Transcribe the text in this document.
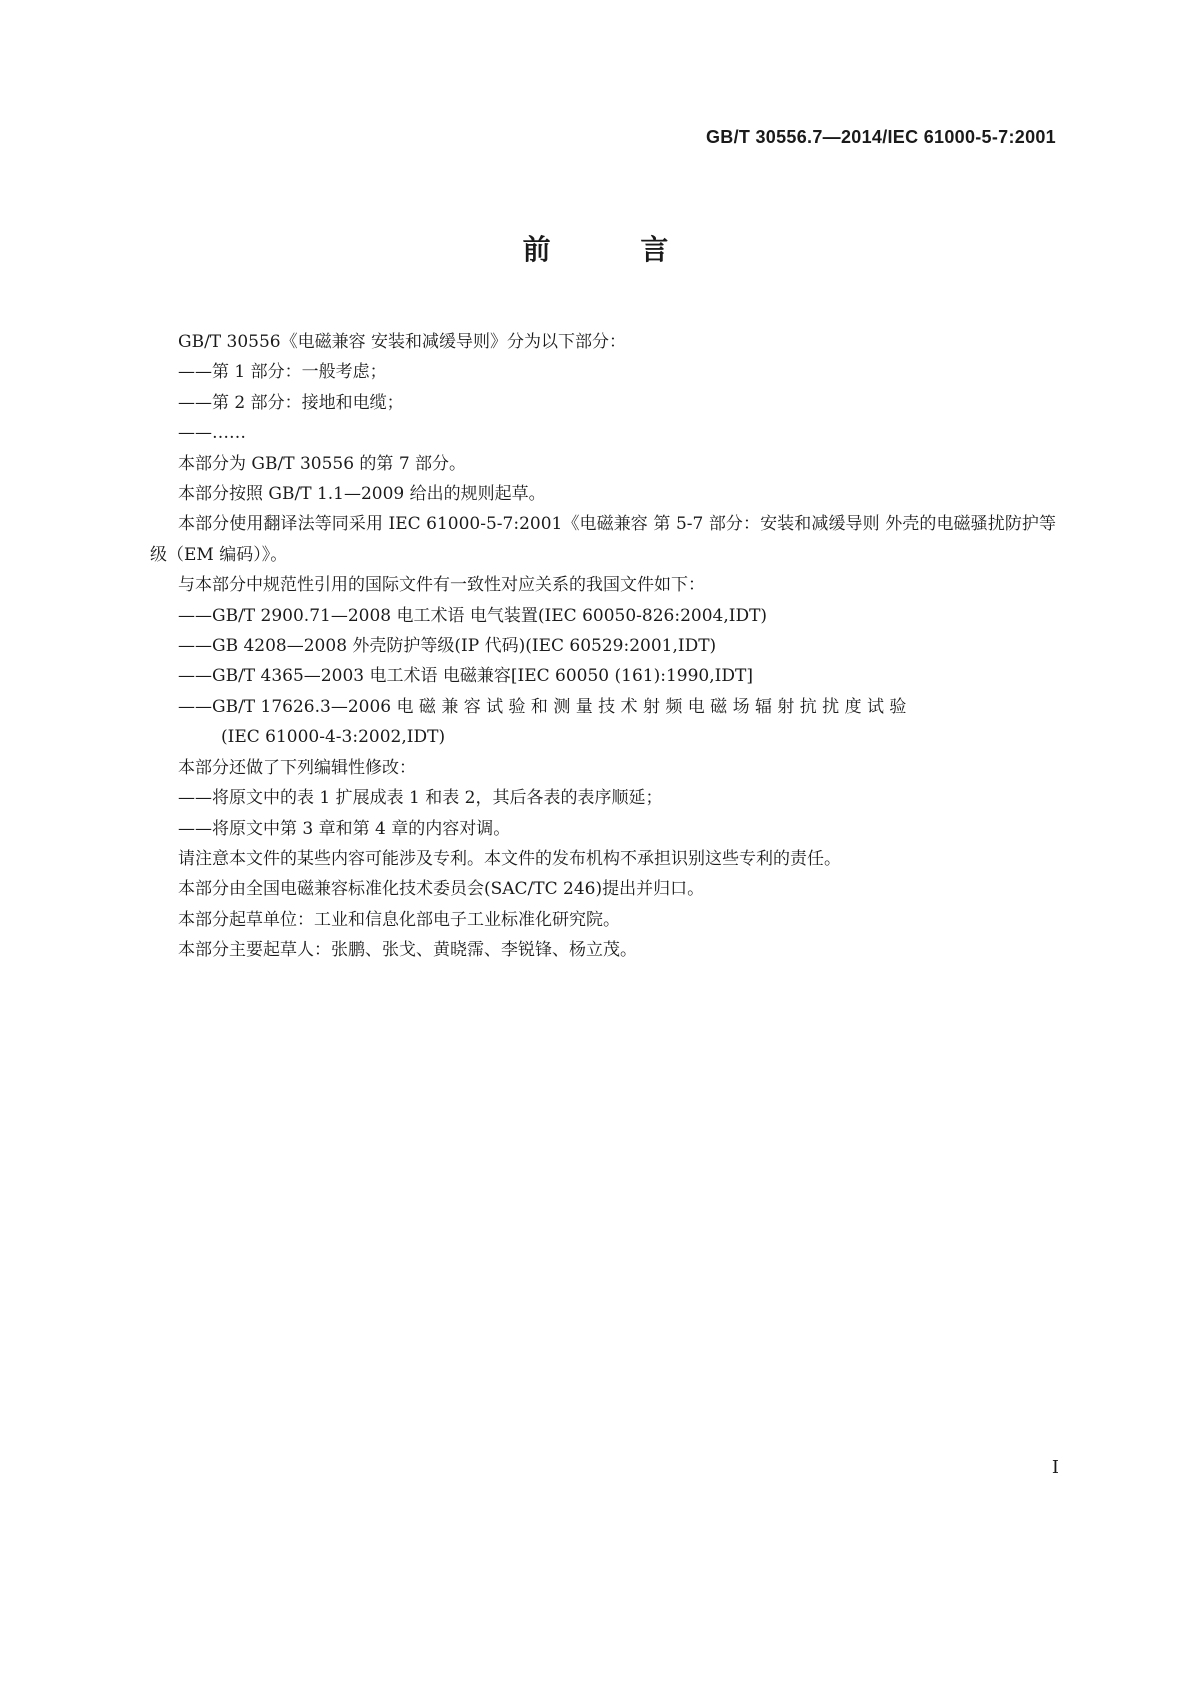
GB/T 30556.7—2014/IEC 61000-5-7:2001
前 言

GB/T 30556《电磁兼容 安装和减缓导则》分为以下部分：

——第 1 部分：一般考虑；

——第 2 部分：接地和电缆；

——……

本部分为 GB/T 30556 的第 7 部分。

本部分按照 GB/T 1.1—2009 给出的规则起草。

本部分使用翻译法等同采用 IEC 61000-5-7:2001《电磁兼容 第 5-7 部分：安装和减缓导则 外壳的电磁骚扰防护等级（EM 编码）》。

与本部分中规范性引用的国际文件有一致性对应关系的我国文件如下：

——GB/T 2900.71—2008 电工术语 电气装置(IEC 60050-826:2004,IDT)

——GB 4208—2008 外壳防护等级(IP 代码)(IEC 60529:2001,IDT)

——GB/T 4365—2003 电工术语 电磁兼容[IEC 60050 (161):1990,IDT]

——GB/T 17626.3—2006 电 磁 兼 容 试 验 和 测 量 技 术 射 频 电 磁 场 辐 射 抗 扰 度 试 验

(IEC 61000-4-3:2002,IDT)

本部分还做了下列编辑性修改：

——将原文中的表 1 扩展成表 1 和表 2，其后各表的表序顺延；

——将原文中第 3 章和第 4 章的内容对调。

请注意本文件的某些内容可能涉及专利。本文件的发布机构不承担识别这些专利的责任。

本部分由全国电磁兼容标准化技术委员会(SAC/TC 246)提出并归口。

本部分起草单位：工业和信息化部电子工业标准化研究院。

本部分主要起草人：张鹏、张戈、黄晓霈、李锐锋、杨立茂。

I
